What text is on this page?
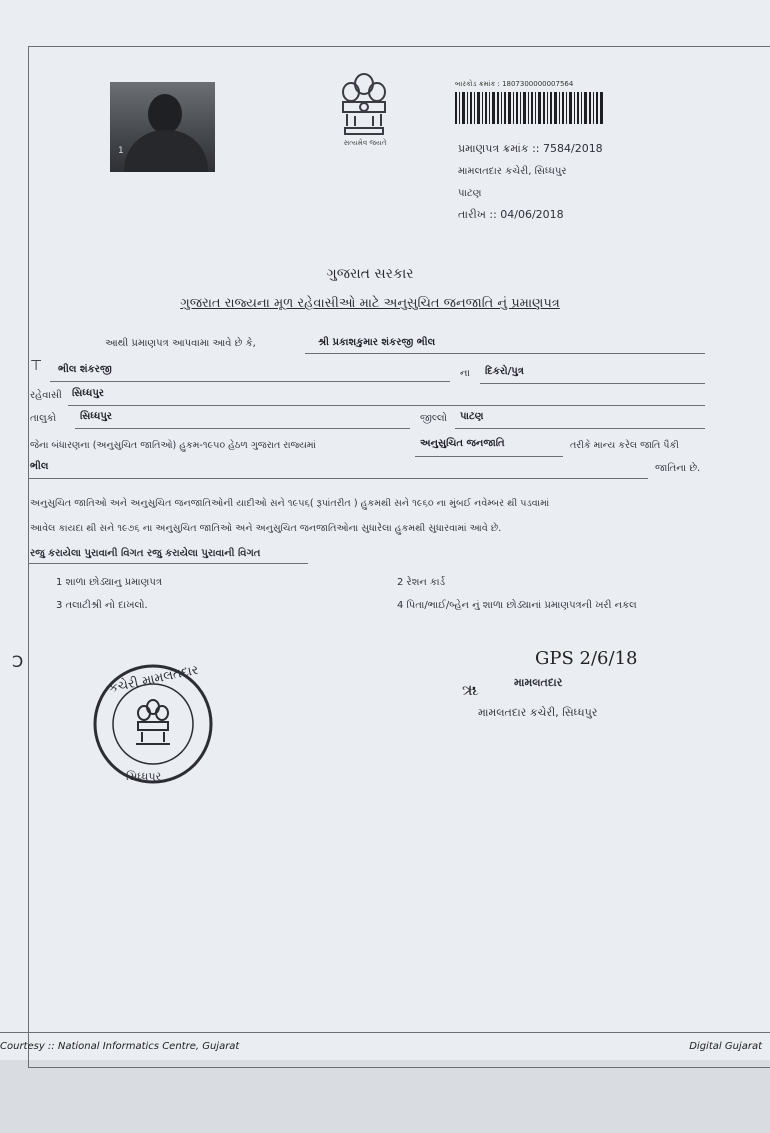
1
સત્યમેવ જયતે
બારકોડ ક્રમાંક : 1807300000007564
પ્રમાણપત્ર ક્રમાંક :: 7584/2018
મામલતદાર કચેરી, સિધ્ધપુર
પાટણ
તારીખ :: 04/06/2018
ગુજરાત સરકાર
ગુજરાત રાજ્યના મૂળ રહેવાસીઓ માટે અનુસુચિત જનજાતિ નું પ્રમાણપત્ર
આથી પ્રમાણપત્ર આપવામા આવે છે કે,	શ્રી પ્રકાશકુમાર શંકરજી ભીલ
⊤ ભીલ શંકરજી	ના દિકરો/પુત્ર
રહેવાસી સિધ્ધપુર
તાલુકો સિધ્ધપુર	જીલ્લો પાટણ
જેના બંધારણના (અનુસુચિત જાતિઓ) હુકમ-૧૯૫૦ હેઠળ ગુજરાત રાજ્યમાં	અનુસુચિત જનજાતિ	તરીકે માન્ય કરેલ જાતિ પૈકી
ભીલ	જાતિના છે.
અનુસુચિત જાતિઓ અને અનુસુચિત જનજાતિઓની યાદીઓ સને ૧૯૫૬( રૂપાંતરીત ) હુકમથી સને ૧૯૬૦ ના મુંબઈ નવેમ્બર થી પડવામાં
આવેલ કાયદા થી સને ૧૯૭૬ ના અનુસુચિત જાતિઓ અને અનુસુચિત જનજાતિઓના સુધારેલા હુકમથી સુધારવામાં આવે છે.
રજુ કરાયેલા પુરાવાની વિગત રજુ કરાયેલા પુરાવાની વિગત
1 શાળા છોડ્યાનુ પ્રમાણપત્ર	2 રેશન કાર્ડ
3 તલાટીશ્રી નો દાખલો.	4 પિતા/ભાઈ/બ્હેન નું શાળા છોડ્યાનાં પ્રમાણપત્રની ખરી નકલ
Ͻ
કચેરી મામલતદાર
સિધ્ધપુર
GPS 2/6/18
ૠ	મામલતદાર
મામલતદાર કચેરી, સિધ્ધપુર
Courtesy :: National Informatics Centre, Gujarat	Digital Gujarat
